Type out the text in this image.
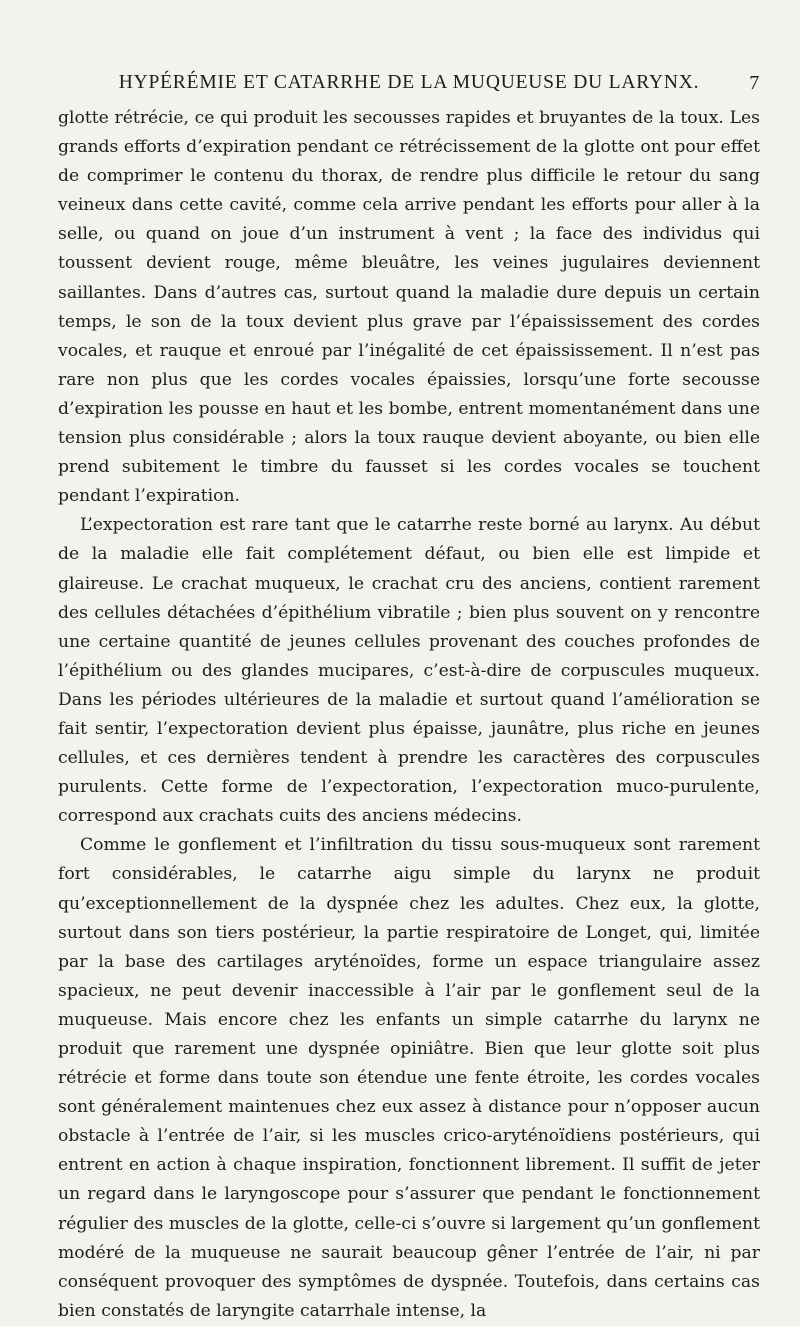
HYPÉRÉMIE ET CATARRHE DE LA MUQUEUSE DU LARYNX. 7

glotte rétrécie, ce qui produit les secousses rapides et bruyantes de la toux. Les grands efforts d’expiration pendant ce rétrécissement de la glotte ont pour effet de comprimer le contenu du thorax, de rendre plus difficile le retour du sang veineux dans cette cavité, comme cela arrive pendant les efforts pour aller à la selle, ou quand on joue d’un instrument à vent ; la face des individus qui toussent devient rouge, même bleuâtre, les veines jugulaires deviennent saillantes. Dans d’autres cas, surtout quand la maladie dure depuis un certain temps, le son de la toux devient plus grave par l’épaississement des cordes vocales, et rauque et enroué par l’inégalité de cet épaississement. Il n’est pas rare non plus que les cordes vocales épaissies, lorsqu’une forte secousse d’expiration les pousse en haut et les bombe, entrent momentanément dans une tension plus considérable ; alors la toux rauque devient aboyante, ou bien elle prend subitement le timbre du fausset si les cordes vocales se touchent pendant l’expiration.

L’expectoration est rare tant que le catarrhe reste borné au larynx. Au début de la maladie elle fait complétement défaut, ou bien elle est limpide et glaireuse. Le crachat muqueux, le crachat cru des anciens, contient rarement des cellules détachées d’épithélium vibratile ; bien plus souvent on y rencontre une certaine quantité de jeunes cellules provenant des couches profondes de l’épithélium ou des glandes mucipares, c’est-à-dire de corpuscules muqueux. Dans les périodes ultérieures de la maladie et surtout quand l’amélioration se fait sentir, l’expectoration devient plus épaisse, jaunâtre, plus riche en jeunes cellules, et ces dernières tendent à prendre les caractères des corpuscules purulents. Cette forme de l’expectoration, l’expectoration muco-purulente, correspond aux crachats cuits des anciens médecins.

Comme le gonflement et l’infiltration du tissu sous-muqueux sont rarement fort considérables, le catarrhe aigu simple du larynx ne produit qu’exceptionnellement de la dyspnée chez les adultes. Chez eux, la glotte, surtout dans son tiers postérieur, la partie respiratoire de Longet, qui, limitée par la base des cartilages aryténoïdes, forme un espace triangulaire assez spacieux, ne peut devenir inaccessible à l’air par le gonflement seul de la muqueuse. Mais encore chez les enfants un simple catarrhe du larynx ne produit que rarement une dyspnée opiniâtre. Bien que leur glotte soit plus rétrécie et forme dans toute son étendue une fente étroite, les cordes vocales sont généralement maintenues chez eux assez à distance pour n’opposer aucun obstacle à l’entrée de l’air, si les muscles crico-aryténoïdiens postérieurs, qui entrent en action à chaque inspiration, fonctionnent librement. Il suffit de jeter un regard dans le laryngoscope pour s’assurer que pendant le fonctionnement régulier des muscles de la glotte, celle-ci s’ouvre si largement qu’un gonflement modéré de la muqueuse ne saurait beaucoup gêner l’entrée de l’air, ni par conséquent provoquer des symptômes de dyspnée. Toutefois, dans certains cas bien constatés de laryngite catarrhale intense, la
